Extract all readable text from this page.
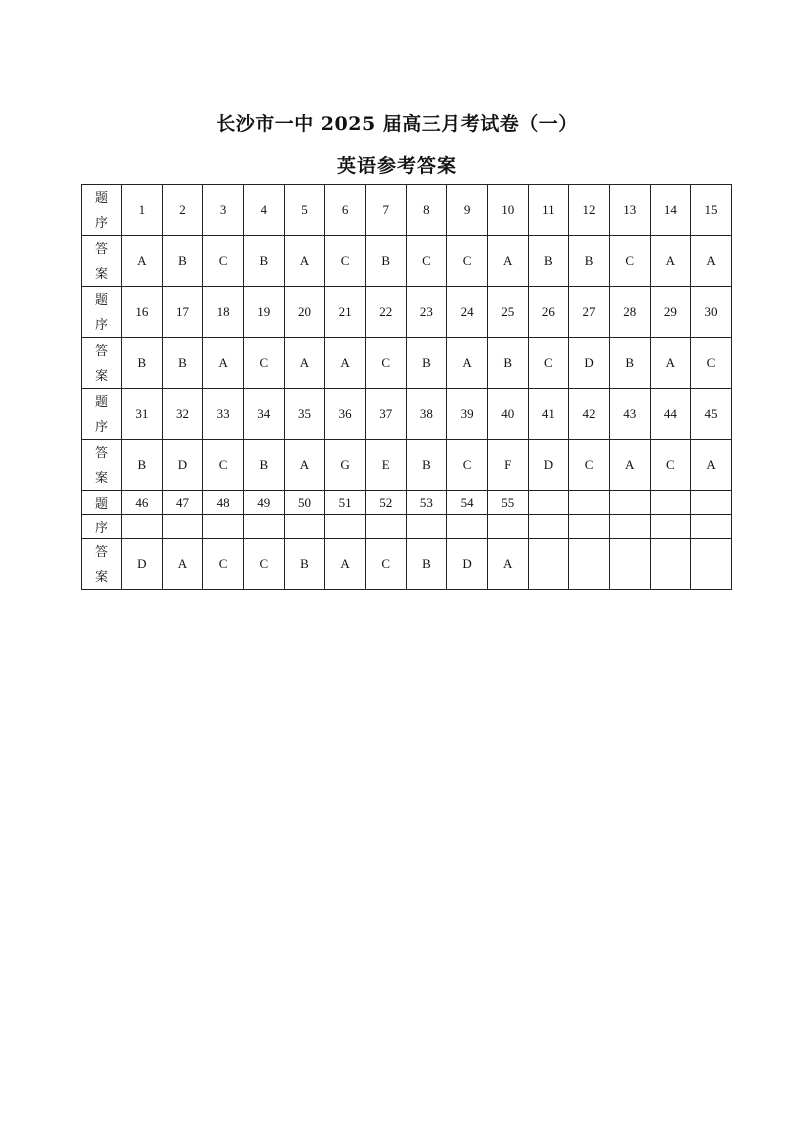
长沙市一中 2025 届高三月考试卷（一）
英语参考答案
题
序	1	2	3	4	5	6	7	8	9	10	11	12	13	14	15

答
案	A	B	C	B	A	C	B	C	C	A	B	B	C	A	A

题
序	16	17	18	19	20	21	22	23	24	25	26	27	28	29	30

答
案	B	B	A	C	A	A	C	B	A	B	C	D	B	A	C

题
序	31	32	33	34	35	36	37	38	39	40	41	42	43	44	45

答
案	B	D	C	B	A	G	E	B	C	F	D	C	A	C	A
题	46	47	48	49	50	51	52	53	54	55					
序															

答
案	D	A	C	C	B	A	C	B	D	A					
